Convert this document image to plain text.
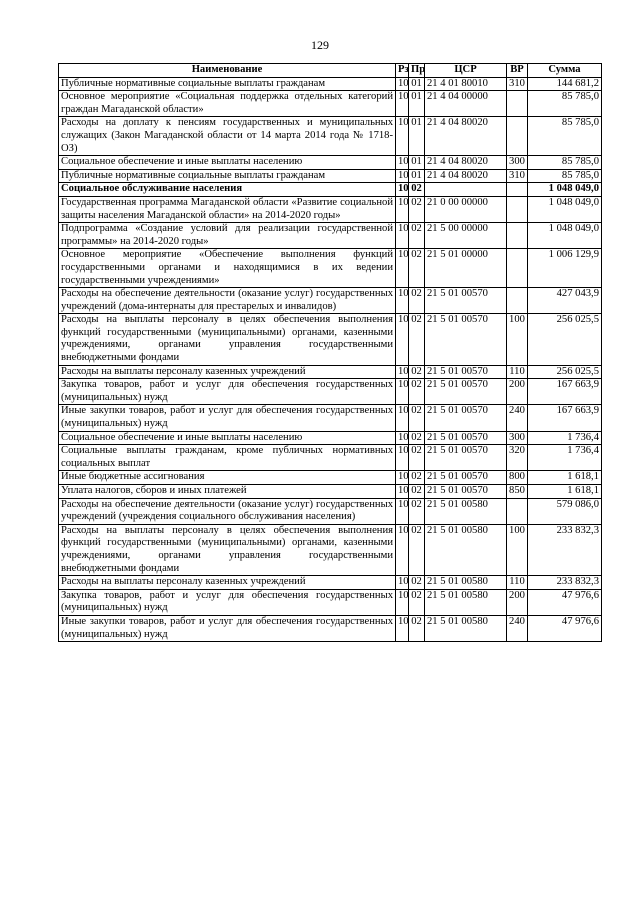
129
Наименование	Рз	Пр	ЦСР	ВР	Сумма
Публичные нормативные социальные выплаты гражданам	10	01	21 4 01 80010	310	144 681,2
Основное мероприятие «Социальная поддержка отдельных категорий граждан Магаданской области»	10	01	21 4 04 00000		85 785,0
Расходы на доплату к пенсиям государственных и муниципальных служащих (Закон Магаданской области от 14 марта 2014 года № 1718-ОЗ)	10	01	21 4 04 80020		85 785,0
Социальное обеспечение и иные выплаты населению	10	01	21 4 04 80020	300	85 785,0
Публичные нормативные социальные выплаты гражданам	10	01	21 4 04 80020	310	85 785,0
Социальное обслуживание населения	10	02			1 048 049,0
Государственная программа Магаданской области «Развитие социальной защиты населения Магаданской области» на 2014-2020 годы»	10	02	21 0 00 00000		1 048 049,0
Подпрограмма «Создание условий для реализации государственной программы» на 2014-2020 годы»	10	02	21 5 00 00000		1 048 049,0
Основное мероприятие «Обеспечение выполнения функций государственными органами и находящимися в их ведении государственными учреждениями»	10	02	21 5 01 00000		1 006 129,9
Расходы на обеспечение деятельности (оказание услуг) государственных учреждений (дома-интернаты для престарелых и инвалидов)	10	02	21 5 01 00570		427 043,9
Расходы на выплаты персоналу в целях обеспечения выполнения функций государственными (муниципальными) органами, казенными учреждениями, органами управления государственными внебюджетными фондами	10	02	21 5 01 00570	100	256 025,5
Расходы на выплаты персоналу казенных учреждений	10	02	21 5 01 00570	110	256 025,5
Закупка товаров, работ и услуг для обеспечения государственных (муниципальных) нужд	10	02	21 5 01 00570	200	167 663,9
Иные закупки товаров, работ и услуг для обеспечения государственных (муниципальных) нужд	10	02	21 5 01 00570	240	167 663,9
Социальное обеспечение и иные выплаты населению	10	02	21 5 01 00570	300	1 736,4
Социальные выплаты гражданам, кроме публичных нормативных социальных выплат	10	02	21 5 01 00570	320	1 736,4
Иные бюджетные ассигнования	10	02	21 5 01 00570	800	1 618,1
Уплата налогов, сборов и иных платежей	10	02	21 5 01 00570	850	1 618,1
Расходы на обеспечение деятельности (оказание услуг) государственных учреждений (учреждения социального обслуживания населения)	10	02	21 5 01 00580		579 086,0
Расходы на выплаты персоналу в целях обеспечения выполнения функций государственными (муниципальными) органами, казенными учреждениями, органами управления государственными внебюджетными фондами	10	02	21 5 01 00580	100	233 832,3
Расходы на выплаты персоналу казенных учреждений	10	02	21 5 01 00580	110	233 832,3
Закупка товаров, работ и услуг для обеспечения государственных (муниципальных) нужд	10	02	21 5 01 00580	200	47 976,6
Иные закупки товаров, работ и услуг для обеспечения государственных (муниципальных) нужд	10	02	21 5 01 00580	240	47 976,6
